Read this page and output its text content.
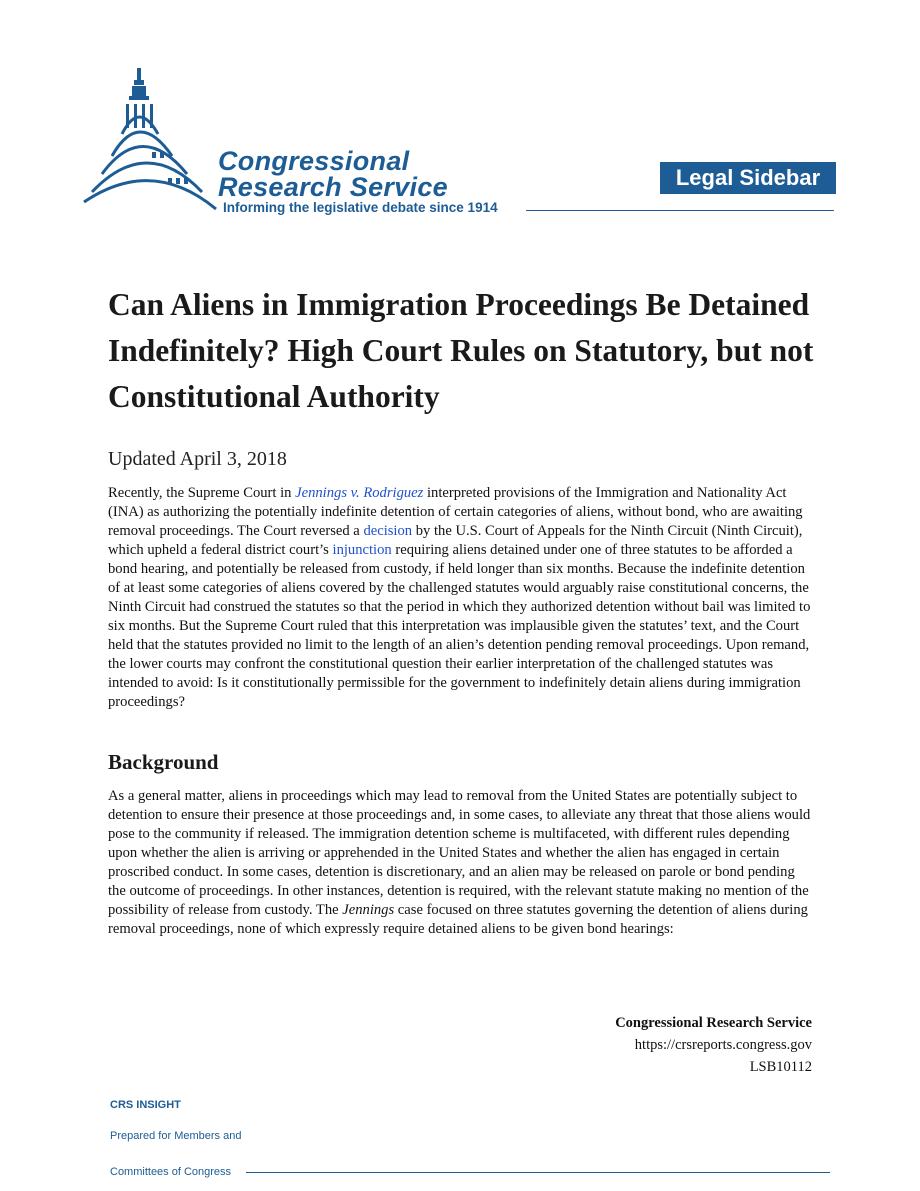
Congressional
Research Service
Informing the legislative debate since 1914
Legal Sidebar
Can Aliens in Immigration Proceedings Be Detained Indefinitely? High Court Rules on Statutory, but not Constitutional Authority
Updated April 3, 2018
Recently, the Supreme Court in Jennings v. Rodriguez interpreted provisions of the Immigration and Nationality Act (INA) as authorizing the potentially indefinite detention of certain categories of aliens, without bond, who are awaiting removal proceedings. The Court reversed a decision by the U.S. Court of Appeals for the Ninth Circuit (Ninth Circuit), which upheld a federal district court’s injunction requiring aliens detained under one of three statutes to be afforded a bond hearing, and potentially be released from custody, if held longer than six months. Because the indefinite detention of at least some categories of aliens covered by the challenged statutes would arguably raise constitutional concerns, the Ninth Circuit had construed the statutes so that the period in which they authorized detention without bail was limited to six months. But the Supreme Court ruled that this interpretation was implausible given the statutes’ text, and the Court held that the statutes provided no limit to the length of an alien’s detention pending removal proceedings. Upon remand, the lower courts may confront the constitutional question their earlier interpretation of the challenged statutes was intended to avoid: Is it constitutionally permissible for the government to indefinitely detain aliens during immigration proceedings?
Background
As a general matter, aliens in proceedings which may lead to removal from the United States are potentially subject to detention to ensure their presence at those proceedings and, in some cases, to alleviate any threat that those aliens would pose to the community if released. The immigration detention scheme is multifaceted, with different rules depending upon whether the alien is arriving or apprehended in the United States and whether the alien has engaged in certain proscribed conduct. In some cases, detention is discretionary, and an alien may be released on parole or bond pending the outcome of proceedings. In other instances, detention is required, with the relevant statute making no mention of the possibility of release from custody. The Jennings case focused on three statutes governing the detention of aliens during removal proceedings, none of which expressly require detained aliens to be given bond hearings:
Congressional Research Service
https://crsreports.congress.gov
LSB10112
CRS INSIGHT
Prepared for Members and
Committees of Congress
